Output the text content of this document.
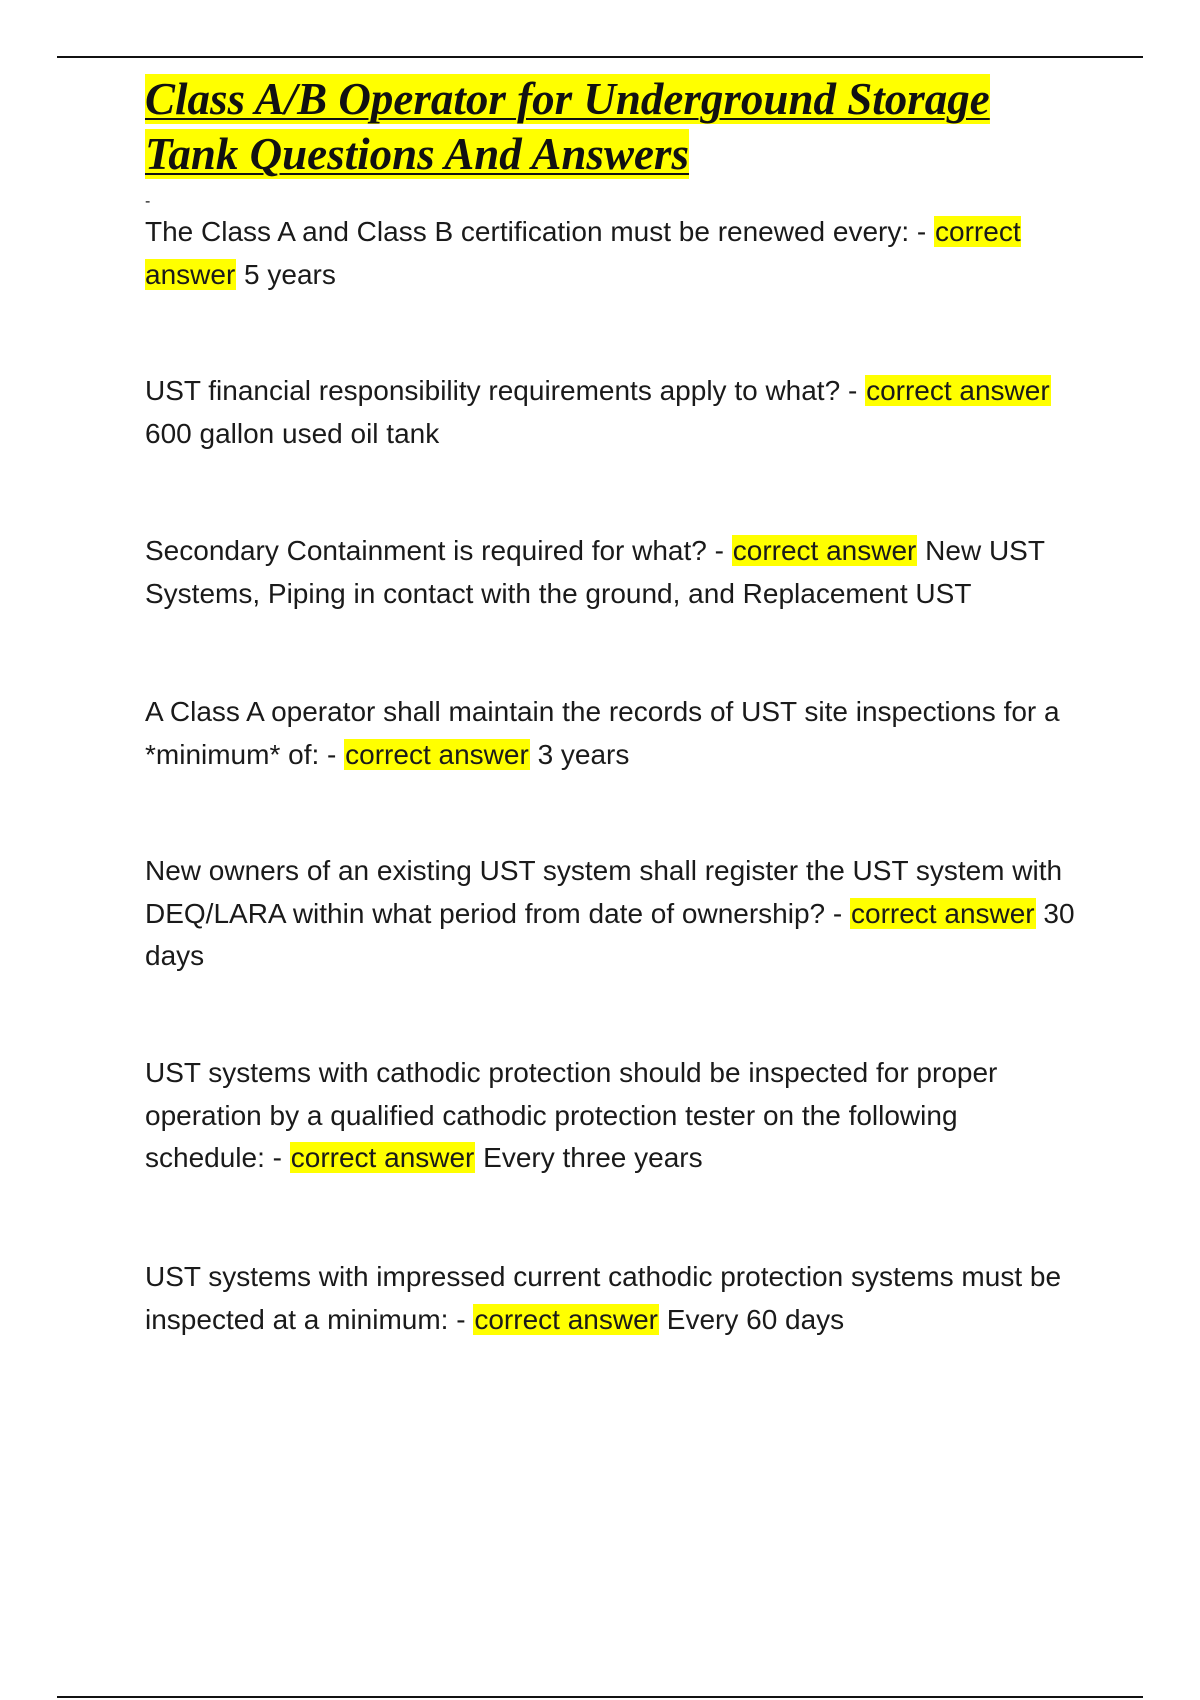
Class A/B Operator for Underground Storage Tank Questions And Answers
-

The Class A and Class B certification must be renewed every: - correct answer 5 years

UST financial responsibility requirements apply to what? - correct answer 600 gallon used oil tank

Secondary Containment is required for what? - correct answer New UST Systems, Piping in contact with the ground, and Replacement UST

A Class A operator shall maintain the records of UST site inspections for a *minimum* of: - correct answer 3 years

New owners of an existing UST system shall register the UST system with DEQ/LARA within what period from date of ownership? - correct answer 30 days

UST systems with cathodic protection should be inspected for proper operation by a qualified cathodic protection tester on the following schedule: - correct answer Every three years

UST systems with impressed current cathodic protection systems must be inspected at a minimum: - correct answer Every 60 days
